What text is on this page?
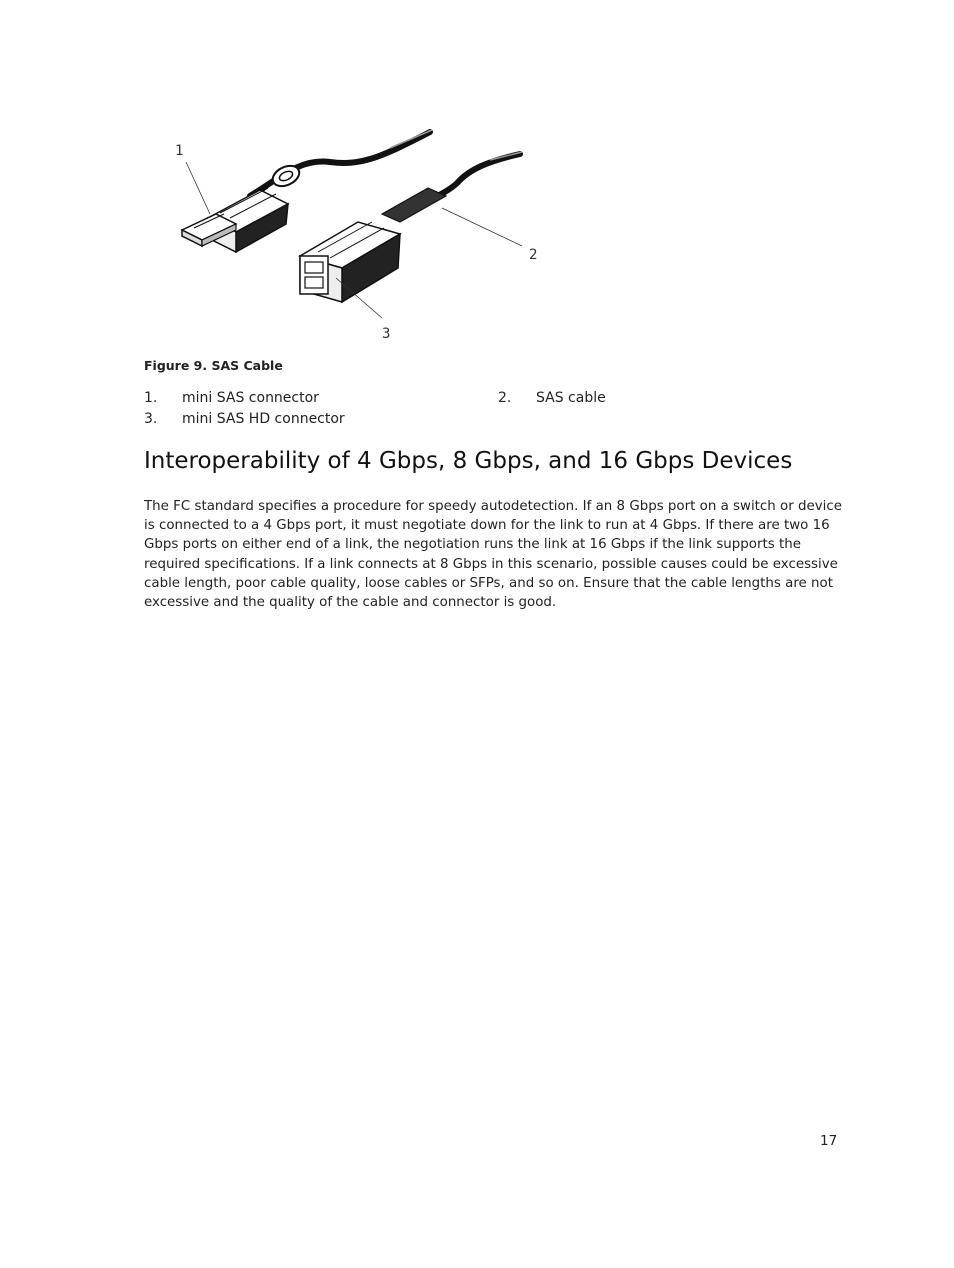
1
2
3
Figure 9. SAS Cable
1. mini SAS connector	2. SAS cable
3. mini SAS HD connector
Interoperability of 4 Gbps, 8 Gbps, and 16 Gbps Devices

The FC standard specifies a procedure for speedy autodetection. If an 8 Gbps port on a switch or device is connected to a 4 Gbps port, it must negotiate down for the link to run at 4 Gbps. If there are two 16 Gbps ports on either end of a link, the negotiation runs the link at 16 Gbps if the link supports the required specifications. If a link connects at 8 Gbps in this scenario, possible causes could be excessive cable length, poor cable quality, loose cables or SFPs, and so on. Ensure that the cable lengths are not excessive and the quality of the cable and connector is good.

17
